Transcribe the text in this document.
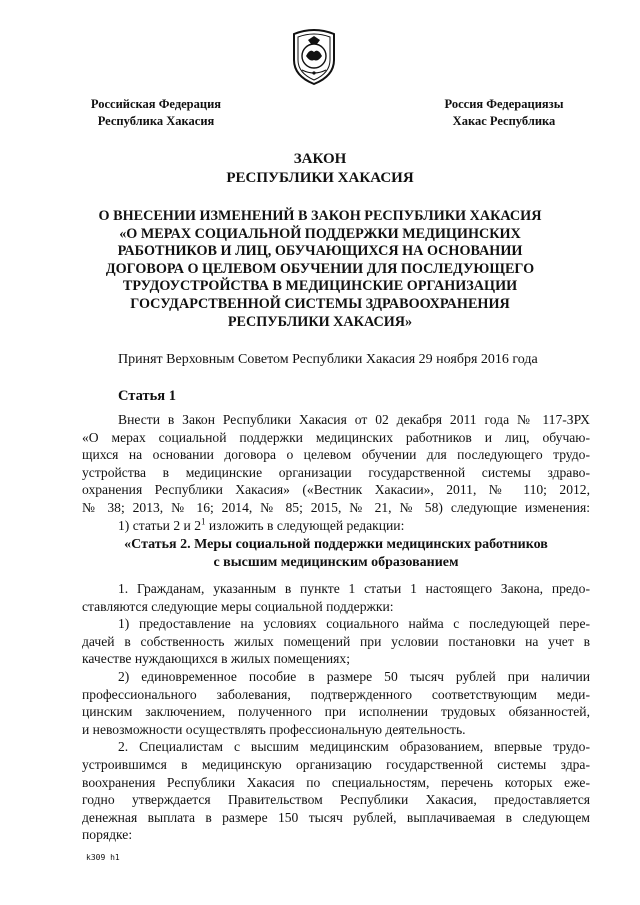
Российская Федерация
Республика Хакасия
Россия Федерациязы
Хакас Республика
ЗАКОН
РЕСПУБЛИКИ ХАКАСИЯ
О ВНЕСЕНИИ ИЗМЕНЕНИЙ В ЗАКОН РЕСПУБЛИКИ ХАКАСИЯ
«О МЕРАХ СОЦИАЛЬНОЙ ПОДДЕРЖКИ МЕДИЦИНСКИХ
РАБОТНИКОВ И ЛИЦ, ОБУЧАЮЩИХСЯ НА ОСНОВАНИИ
ДОГОВОРА О ЦЕЛЕВОМ ОБУЧЕНИИ ДЛЯ ПОСЛЕДУЮЩЕГО
ТРУДОУСТРОЙСТВА В МЕДИЦИНСКИЕ ОРГАНИЗАЦИИ
ГОСУДАРСТВЕННОЙ СИСТЕМЫ ЗДРАВООХРАНЕНИЯ
РЕСПУБЛИКИ ХАКАСИЯ»
Принят Верховным Советом Республики Хакасия 29 ноября 2016 года
Статья 1
Внести в Закон Республики Хакасия от 02 декабря 2011 года № 117-ЗРХ
«О мерах социальной поддержки медицинских работников и лиц, обучаю-
щихся на основании договора о целевом обучении для последующего трудо-
устройства в медицинские организации государственной системы здраво-
охранения Республики Хакасия» («Вестник Хакасии», 2011, № 110; 2012,
№ 38; 2013, № 16; 2014, № 85; 2015, № 21, № 58) следующие изменения:
1) статьи 2 и $2^1$ изложить в следующей редакции:
«Статья 2. Меры социальной поддержки медицинских работников
с высшим медицинским образованием
1. Гражданам, указанным в пункте 1 статьи 1 настоящего Закона, предо-
ставляются следующие меры социальной поддержки:
1) предоставление на условиях социального найма с последующей пере-
дачей в собственность жилых помещений при условии постановки на учет в
качестве нуждающихся в жилых помещениях;
2) единовременное пособие в размере 50 тысяч рублей при наличии
профессионального заболевания, подтвержденного соответствующим меди-
цинским заключением, полученного при исполнении трудовых обязанностей,
и невозможности осуществлять профессиональную деятельность.
2. Специалистам с высшим медицинским образованием, впервые трудо-
устроившимся в медицинскую организацию государственной системы здра-
воохранения Республики Хакасия по специальностям, перечень которых еже-
годно утверждается Правительством Республики Хакасия, предоставляется
денежная выплата в размере 150 тысяч рублей, выплачиваемая в следующем
порядке:
k309 h1
